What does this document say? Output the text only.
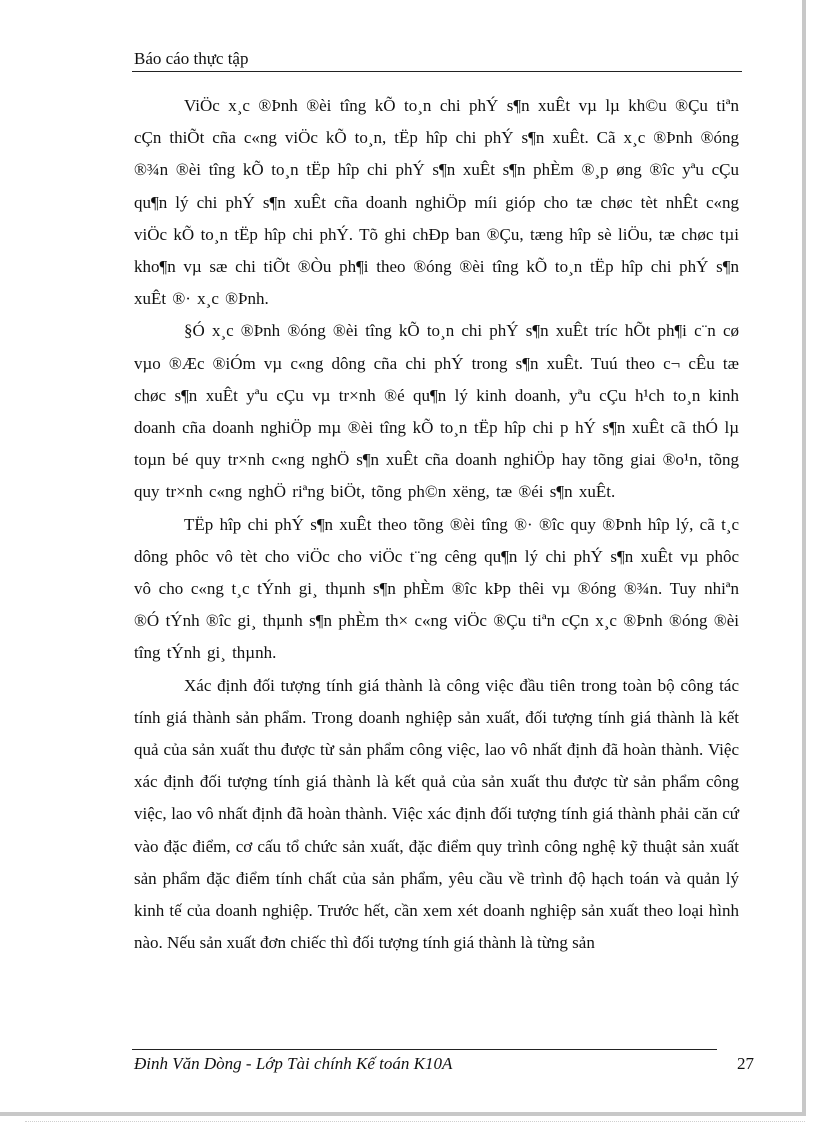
Báo cáo thực tập

ViÖc x¸c ®Þnh ®èi tîng kÕ to¸n chi phÝ s¶n xuÊt vµ lµ kh©u ®Çu tiªn cÇn thiÕt cña c«ng viÖc kÕ to¸n, tËp hîp chi phÝ s¶n xuÊt. Cã x¸c ®Þnh ®óng ®¾n ®èi tîng kÕ to¸n tËp hîp chi phÝ s¶n xuÊt s¶n phÈm ®¸p øng ®îc yªu cÇu qu¶n lý chi phÝ s¶n xuÊt cña doanh nghiÖp míi gióp cho tæ chøc tèt nhÊt c«ng viÖc kÕ to¸n tËp hîp chi phÝ. Tõ ghi chÐp ban ®Çu, tæng hîp sè liÖu, tæ chøc tµi kho¶n vµ sæ chi tiÕt ®Òu ph¶i theo ®óng ®èi tîng kÕ to¸n tËp hîp chi phÝ s¶n xuÊt ®· x¸c ®Þnh.

§Ó x¸c ®Þnh ®óng ®èi tîng kÕ to¸n chi phÝ s¶n xuÊt tríc hÕt ph¶i c¨n cø vµo ®Æc ®iÓm vµ c«ng dông cña chi phÝ trong s¶n xuÊt. Tuú theo c¬ cÊu tæ chøc s¶n xuÊt yªu cÇu vµ tr×nh ®é qu¶n lý kinh doanh, yªu cÇu h¹ch to¸n kinh doanh cña doanh nghiÖp mµ ®èi tîng kÕ to¸n tËp hîp chi p hÝ s¶n xuÊt cã thÓ lµ toµn bé quy tr×nh c«ng nghÖ s¶n xuÊt cña doanh nghiÖp hay tõng giai ®o¹n, tõng quy tr×nh c«ng nghÖ riªng biÖt, tõng ph©n xëng, tæ ®éi s¶n xuÊt.

TËp hîp chi phÝ s¶n xuÊt theo tõng ®èi tîng ®· ®îc quy ®Þnh hîp lý, cã t¸c dông phôc vô tèt cho viÖc cho viÖc t¨ng cêng qu¶n lý chi phÝ s¶n xuÊt vµ phôc vô cho c«ng t¸c tÝnh gi¸ thµnh s¶n phÈm ®îc kÞp thêi vµ ®óng ®¾n. Tuy nhiªn ®Ó tÝnh ®îc gi¸ thµnh s¶n phÈm th× c«ng viÖc ®Çu tiªn cÇn x¸c ®Þnh ®óng ®èi tîng tÝnh gi¸ thµnh.

Xác định đối tượng tính giá thành là công việc đầu tiên trong toàn bộ công tác tính giá thành sản phẩm. Trong doanh nghiệp sản xuất, đối tượng tính giá thành là kết quả của sản xuất thu được từ sản phẩm công việc, lao vô nhất định đã hoàn thành. Việc xác định đối tượng tính giá thành là kết quả của sản xuất thu được từ sản phẩm công việc, lao vô nhất định đã hoàn thành. Việc xác định đối tượng tính giá thành phải căn cứ vào đặc điểm, cơ cấu tổ chức sản xuất, đặc điểm quy trình công nghệ kỹ thuật sản xuất sản phẩm đặc điểm tính chất của sản phẩm, yêu cầu về trình độ hạch toán và quản lý kinh tế của doanh nghiệp. Trước hết, cần xem xét doanh nghiệp sản xuất theo loại hình nào. Nếu sản xuất đơn chiếc thì đối tượng tính giá thành là từng sản

Đinh Văn Dòng - Lớp Tài chính Kế toán K10A	27
